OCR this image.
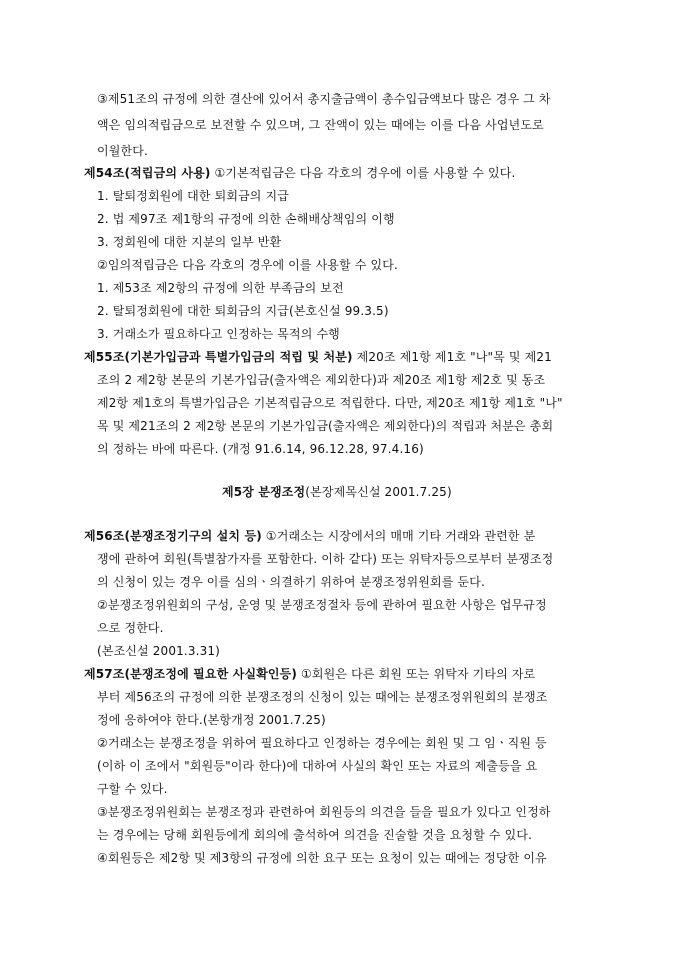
③제51조의 규정에 의한 결산에 있어서 총지출금액이 총수입금액보다 많은 경우 그 차
액은 임의적립금으로 보전할 수 있으며, 그 잔액이 있는 때에는 이를 다음 사업년도로
이월한다.
제54조(적립금의 사용) ①기본적립금은 다음 각호의 경우에 이를 사용할 수 있다.
1. 탈퇴정회원에 대한 퇴회금의 지급
2. 법 제97조 제1항의 규정에 의한 손해배상책임의 이행
3. 정회원에 대한 지분의 일부 반환
②임의적립금은 다음 각호의 경우에 이를 사용할 수 있다.
1. 제53조 제2항의 규정에 의한 부족금의 보전
2. 탈퇴정회원에 대한 퇴회금의 지급(본호신설 99.3.5)
3. 거래소가 필요하다고 인정하는 목적의 수행
제55조(기본가입금과 특별가입금의 적립 및 처분) 제20조 제1항 제1호 "나"목 및 제21
조의 2 제2항 본문의 기본가입금(출자액은 제외한다)과 제20조 제1항 제2호 및 동조
제2항 제1호의 특별가입금은 기본적립금으로 적립한다. 다만, 제20조 제1항 제1호 "나"
목 및 제21조의 2 제2항 본문의 기본가입금(출자액은 제외한다)의 적립과 처분은 총회
의 정하는 바에 따른다. (개정 91.6.14, 96.12.28, 97.4.16)
제5장 분쟁조정(본장제목신설 2001.7.25)
제56조(분쟁조정기구의 설치 등) ①거래소는 시장에서의 매매 기타 거래와 관련한 분
쟁에 관하여 회원(특별참가자를 포함한다. 이하 같다) 또는 위탁자등으로부터 분쟁조정
의 신청이 있는 경우 이를 심의ㆍ의결하기 위하여 분쟁조정위원회를 둔다.
②분쟁조정위원회의 구성, 운영 및 분쟁조정절차 등에 관하여 필요한 사항은 업무규정
으로 정한다.
(본조신설 2001.3.31)
제57조(분쟁조정에 필요한 사실확인등) ①회원은 다른 회원 또는 위탁자 기타의 자로
부터 제56조의 규정에 의한 분쟁조정의 신청이 있는 때에는 분쟁조정위원회의 분쟁조
정에 응하여야 한다.(본항개정 2001.7.25)
②거래소는 분쟁조정을 위하여 필요하다고 인정하는 경우에는 회원 및 그 임ㆍ직원 등
(이하 이 조에서 "회원등"이라 한다)에 대하여 사실의 확인 또는 자료의 제출등을 요
구할 수 있다.
③분쟁조정위원회는 분쟁조정과 관련하여 회원등의 의견을 들을 필요가 있다고 인정하
는 경우에는 당해 회원등에게 회의에 출석하여 의견을 진술할 것을 요청할 수 있다.
④회원등은 제2항 및 제3항의 규정에 의한 요구 또는 요청이 있는 때에는 정당한 이유
